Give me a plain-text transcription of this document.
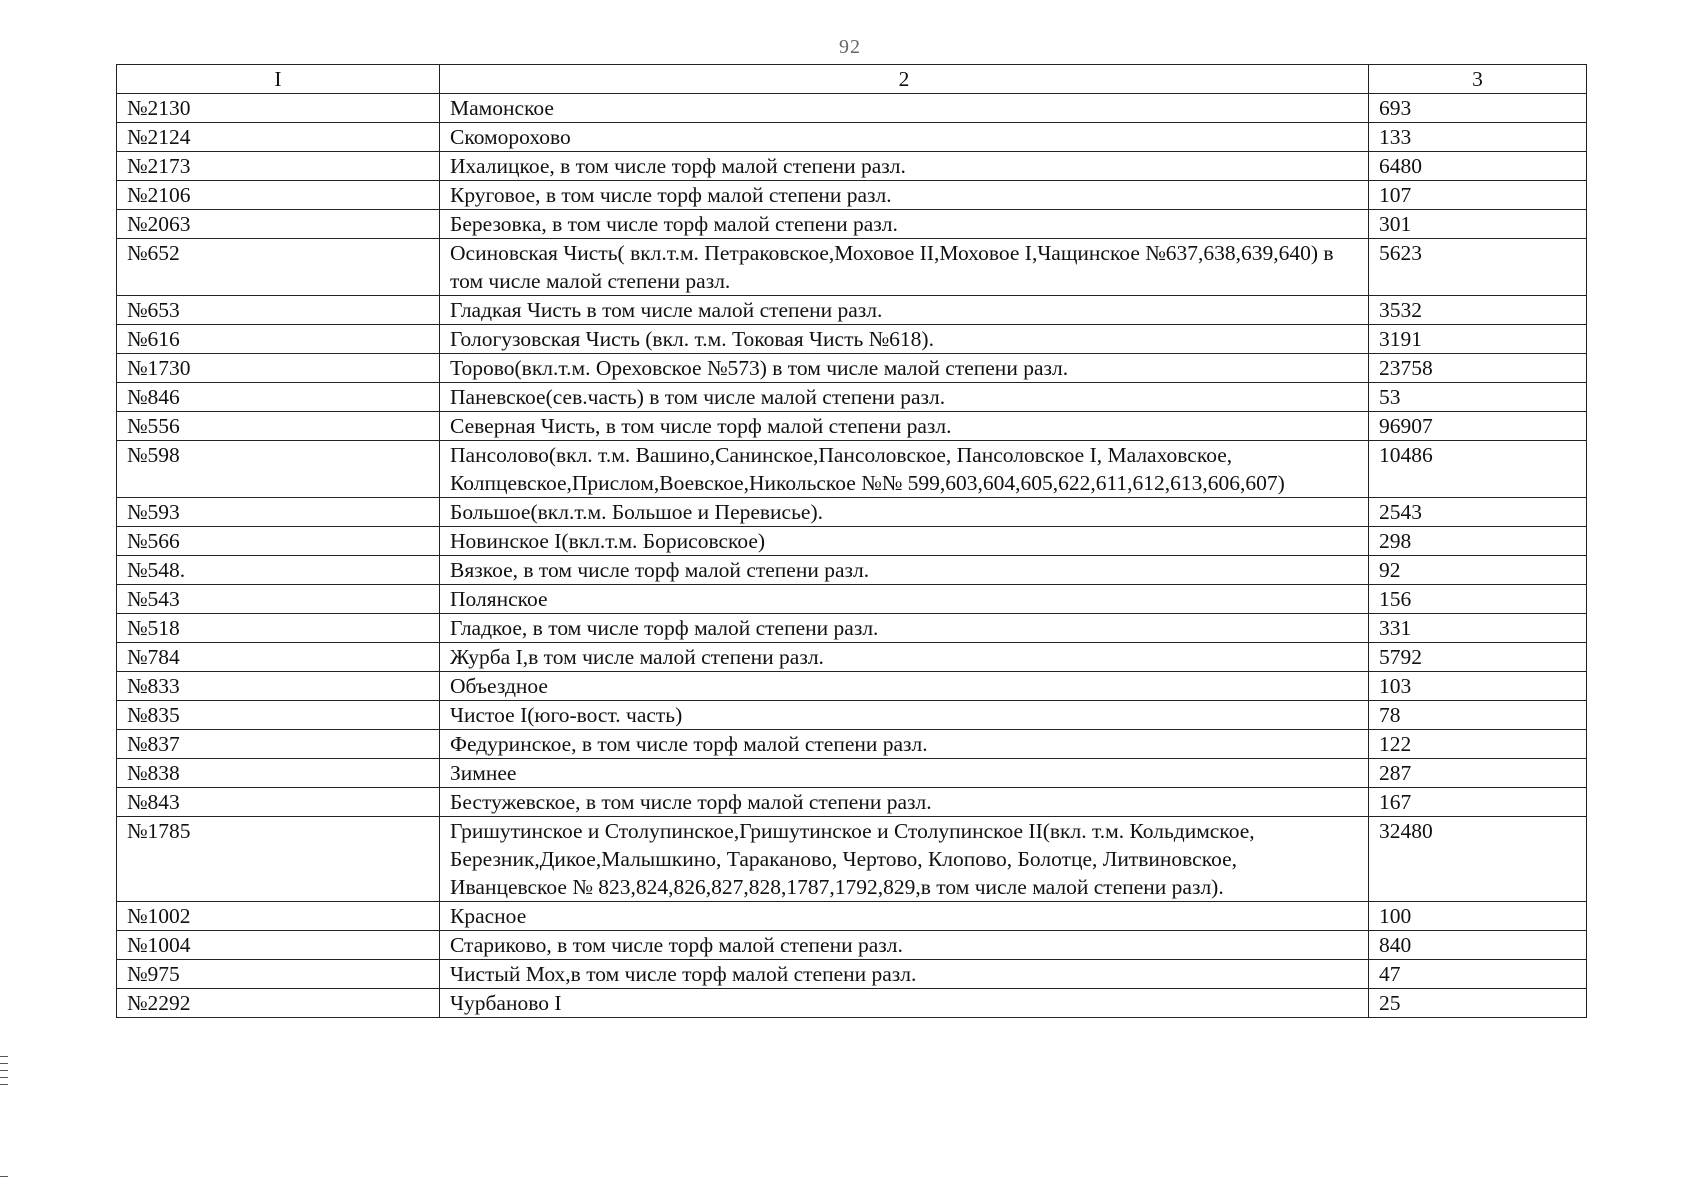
92
I	2	3
№2130	Мамонское	693
№2124	Скоморохово	133
№2173	Ихалицкое, в том числе торф малой степени разл.	6480
№2106	Круговое, в том числе торф малой степени разл.	107
№2063	Березовка, в том числе торф малой степени разл.	301
№652	Осиновская Чисть( вкл.т.м. Петраковское,Моховое II,Моховое I,Чащинское №637,638,639,640) в том числе малой степени разл.	5623
№653	Гладкая Чисть в том числе малой степени разл.	3532
№616	Гологузовская Чисть (вкл. т.м. Токовая Чисть №618).	3191
№1730	Торово(вкл.т.м. Ореховское №573) в том числе малой степени разл.	23758
№846	Паневское(сев.часть) в том числе малой степени разл.	53
№556	Северная Чисть, в том числе торф малой степени разл.	96907
№598	Пансолово(вкл. т.м. Вашино,Санинское,Пансоловское, Пансоловское I, Малаховское, Колпцевское,Прислом,Воевское,Никольское №№ 599,603,604,605,622,611,612,613,606,607)	10486
№593	Большое(вкл.т.м. Большое и Перевисье).	2543
№566	Новинское I(вкл.т.м. Борисовское)	298
№548.	Вязкое, в том числе торф малой степени разл.	92
№543	Полянское	156
№518	Гладкое, в том числе торф малой степени разл.	331
№784	Журба I,в том числе малой степени разл.	5792
№833	Объездное	103
№835	Чистое I(юго-вост. часть)	78
№837	Федуринское, в том числе торф малой степени разл.	122
№838	Зимнее	287
№843	Бестужевское, в том числе торф малой степени разл.	167
№1785	Гришутинское и Столупинское,Гришутинское и Столупинское II(вкл. т.м. Кольдимское, Березник,Дикое,Малышкино, Тараканово, Чертово, Клопово, Болотце, Литвиновское, Иванцевское № 823,824,826,827,828,1787,1792,829,в том числе малой степени разл).	32480
№1002	Красное	100
№1004	Стариково, в том числе торф малой степени разл.	840
№975	Чистый Мох,в том числе торф малой степени разл.	47
№2292	Чурбаново I	25
